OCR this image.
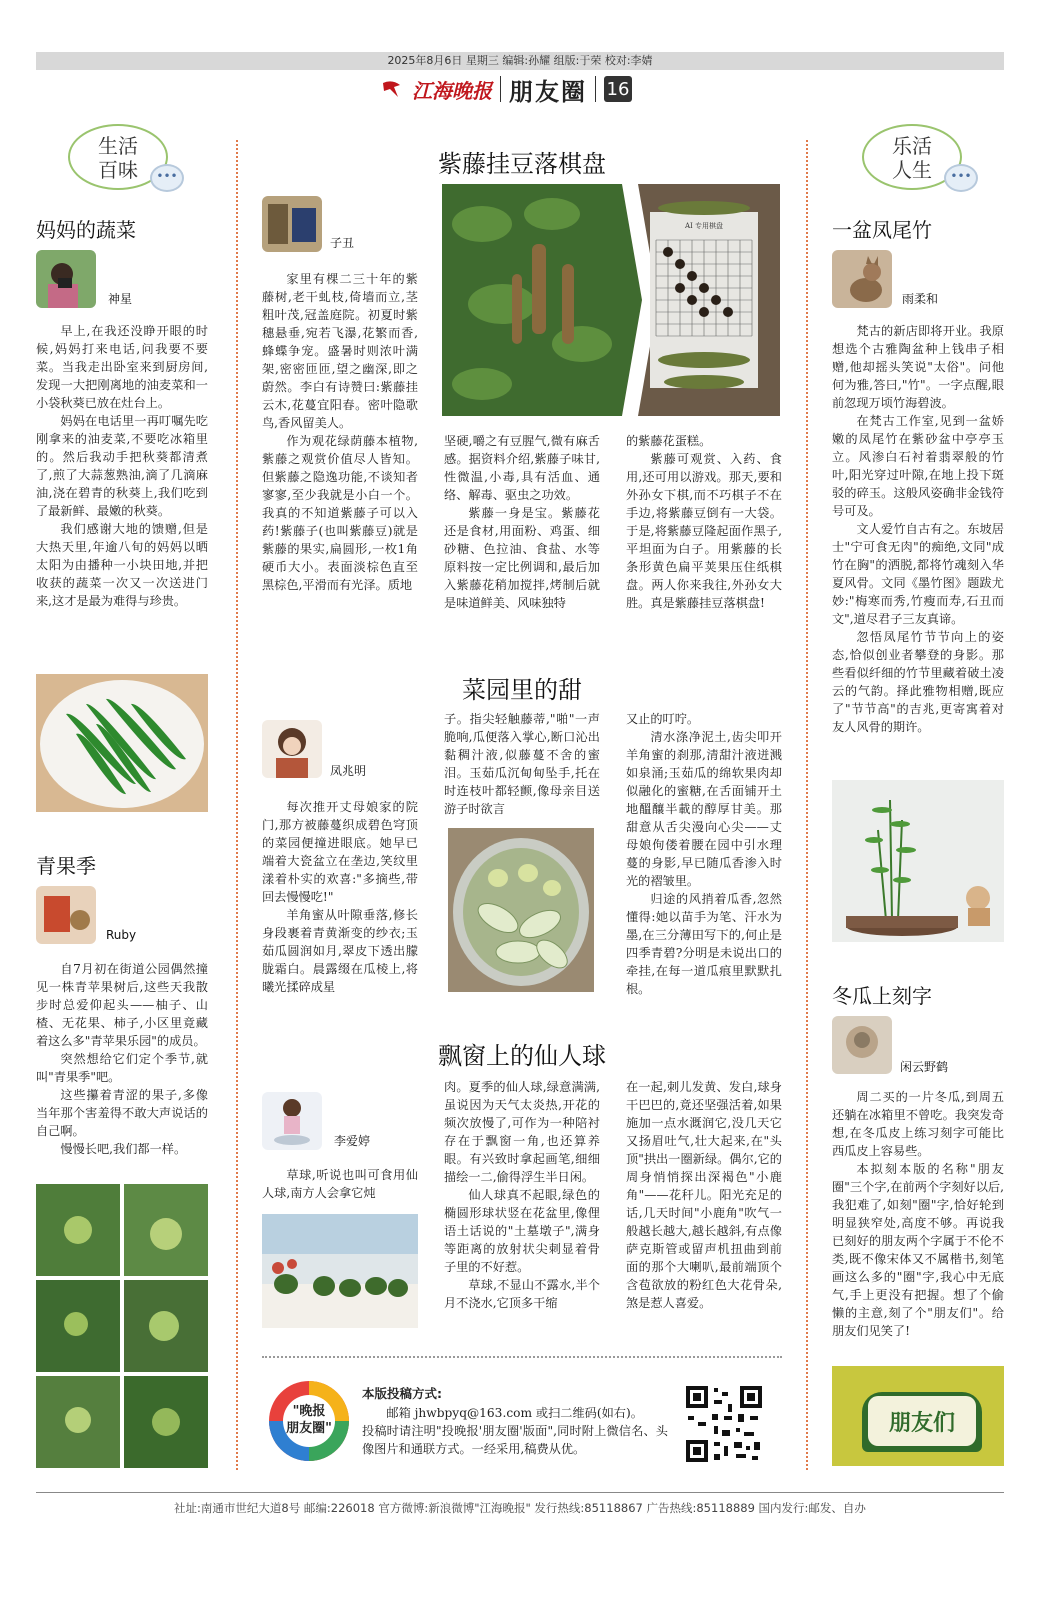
2025年8月6日 星期三 编辑:孙耀 组版:于荣 校对:李婧
江海晚报 朋友圈 16
生活
百味	•••
妈妈的蔬菜
神星

早上,在我还没睁开眼的时候,妈妈打来电话,问我要不要菜。当我走出卧室来到厨房间,发现一大把刚离地的油麦菜和一小袋秋葵已放在灶台上。

妈妈在电话里一再叮嘱先吃刚拿来的油麦菜,不要吃冰箱里的。然后我动手把秋葵都清煮了,煎了大蒜葱熟油,滴了几滴麻油,浇在碧青的秋葵上,我们吃到了最新鲜、最嫩的秋葵。

我们感谢大地的馈赠,但是大热天里,年逾八旬的妈妈以晒太阳为由播种一小块田地,并把收获的蔬菜一次又一次送进门来,这才是最为难得与珍贵。

青果季
Ruby

自7月初在街道公园偶然撞见一株青苹果树后,这些天我散步时总爱仰起头——柚子、山楂、无花果、柿子,小区里竟藏着这么多"青苹果乐园"的成员。

突然想给它们定个季节,就叫"青果季"吧。

这些攥着青涩的果子,多像当年那个害羞得不敢大声说话的自己啊。

慢慢长吧,我们都一样。

紫藤挂豆落棋盘
子丑
AI 专用棋盘

家里有棵二三十年的紫藤树,老干虬枝,倚墙而立,茎粗叶茂,冠盖庭院。初夏时紫穗悬垂,宛若飞瀑,花繁而香,蜂蝶争宠。盛暑时则浓叶满架,密密匝匝,望之幽深,即之蔚然。李白有诗赞曰:紫藤挂云木,花蔓宜阳春。密叶隐歌鸟,香风留美人。

作为观花绿荫藤本植物,紫藤之观赏价值尽人皆知。但紫藤之隐逸功能,不谈知者寥寥,至少我就是小白一个。我真的不知道紫藤子可以入药!紫藤子(也叫紫藤豆)就是紫藤的果实,扁圆形,一枚1角硬币大小。表面淡棕色直至黑棕色,平滑而有光泽。质地

坚硬,嚼之有豆腥气,微有麻舌感。据资料介绍,紫藤子味甘,性微温,小毒,具有活血、通络、解毒、驱虫之功效。

紫藤一身是宝。紫藤花还是食材,用面粉、鸡蛋、细砂糖、色拉油、食盐、水等原料按一定比例调和,最后加入紫藤花稍加搅拌,烤制后就是味道鲜美、风味独特

的紫藤花蛋糕。

紫藤可观赏、入药、食用,还可用以游戏。那天,要和外孙女下棋,而不巧棋子不在手边,将紫藤豆倒有一大袋。于是,将紫藤豆隆起面作黑子,平坦面为白子。用紫藤的长条形黄色扁平荚果压住纸棋盘。两人你来我往,外孙女大胜。真是紫藤挂豆落棋盘!

菜园里的甜
凤兆明

每次推开丈母娘家的院门,那方被藤蔓织成碧色穹顶的菜园便撞进眼底。她早已端着大瓷盆立在垄边,笑纹里漾着朴实的欢喜:"多摘些,带回去慢慢吃!"

羊角蜜从叶隙垂落,修长身段裹着青黄渐变的纱衣;玉茹瓜圆润如月,翠皮下透出朦胧霜白。晨露缀在瓜棱上,将曦光揉碎成星

子。指尖轻触藤蒂,"啪"一声脆响,瓜便落入掌心,断口沁出黏稠汁液,似藤蔓不舍的蜜泪。玉茹瓜沉甸甸坠手,托在时连枝叶都轻颤,像母亲目送游子时欲言

又止的叮咛。

清水涤净泥土,齿尖叩开羊角蜜的刹那,清甜汁液迸溅如泉涌;玉茹瓜的绵软果肉却似融化的蜜糖,在舌面铺开土地醞釀半載的醇厚甘美。那甜意从舌尖漫向心尖——丈母娘佝偻着腰在园中引水理蔓的身影,早已随瓜香渗入时光的褶皱里。

归途的风捎着瓜香,忽然懂得:她以苗手为笔、汗水为墨,在三分薄田写下的,何止是四季青碧?分明是未说出口的牵挂,在每一道瓜痕里默默扎根。

飘窗上的仙人球
李爱婷

草球,听说也叫可食用仙人球,南方人会拿它炖

肉。夏季的仙人球,绿意满满,虽说因为天气太炎热,开花的频次放慢了,可作为一种陪衬存在于飘窗一角,也还算养眼。有兴致时拿起画笔,细细描绘一二,偷得浮生半日闲。

仙人球真不起眼,绿色的椭圆形球状竖在花盆里,像俚语土话说的"土墓墩子",满身等距离的放射状尖刺显着骨子里的不好惹。

草球,不显山不露水,半个月不浇水,它顶多干缩

在一起,刺儿发黄、发白,球身干巴巴的,竟还坚强活着,如果施加一点水溉润它,没几天它又扬眉吐气,壮大起来,在"头顶"拱出一圈新绿。偶尔,它的周身悄悄探出深褐色"小鹿角"——花秆儿。阳光充足的话,几天时间"小鹿角"吹气一般越长越大,越长越斜,有点像萨克斯管或留声机扭曲到前面的那个大喇叭,最前端顶个含苞欲放的粉红色大花骨朵,煞是惹人喜爱。

"晚报
朋友圈"
本版投稿方式:

邮箱 jhwbpyq@163.com 或扫二维码(如右)。

投稿时请注明"投晚报'朋友圈'版面",同时附上微信名、头像图片和通联方式。一经采用,稿费从优。

乐活
人生	•••
一盆凤尾竹
雨柔和

梵古的新店即将开业。我原想选个古雅陶盆种上钱串子相赠,他却摇头笑说"太俗"。问他何为雅,答曰,"竹"。一字点醒,眼前忽现万顷竹海碧波。

在梵古工作室,见到一盆娇嫩的凤尾竹在紫砂盆中亭亭玉立。风渗白石衬着翡翠般的竹叶,阳光穿过叶隙,在地上投下斑驳的碎玉。这般风姿确非金钱符号可及。

文人爱竹自古有之。东坡居士"宁可食无肉"的痴绝,文同"成竹在胸"的洒脱,都将竹魂刻入华夏风骨。文同《墨竹图》题跋尤妙:"梅寒而秀,竹瘦而寿,石丑而文",道尽君子三友真谛。

忽悟凤尾竹节节向上的姿态,恰似创业者攀登的身影。那些看似纤细的竹节里藏着破土凌云的气韵。择此雅物相赠,既应了"节节高"的吉兆,更寄寓着对友人风骨的期许。

冬瓜上刻字
闲云野鹤

周二买的一片冬瓜,到周五还躺在冰箱里不曾吃。我突发奇想,在冬瓜皮上练习刻字可能比西瓜皮上容易些。

本拟刻本版的名称"朋友圈"三个字,在前两个字刻好以后,我犯难了,如刻"圈"字,恰好轮到明显狭窄处,高度不够。再说我已刻好的朋友两个字属于不伦不类,既不像宋体又不属楷书,刻笔画这么多的"圈"字,我心中无底气,手上更没有把握。想了个偷懒的主意,刻了个"朋友们"。给朋友们见笑了!

朋友们
社址:南通市世纪大道8号 邮编:226018 官方微博:新浪微博"江海晚报" 发行热线:85118867 广告热线:85118889 国内发行:邮发、自办
